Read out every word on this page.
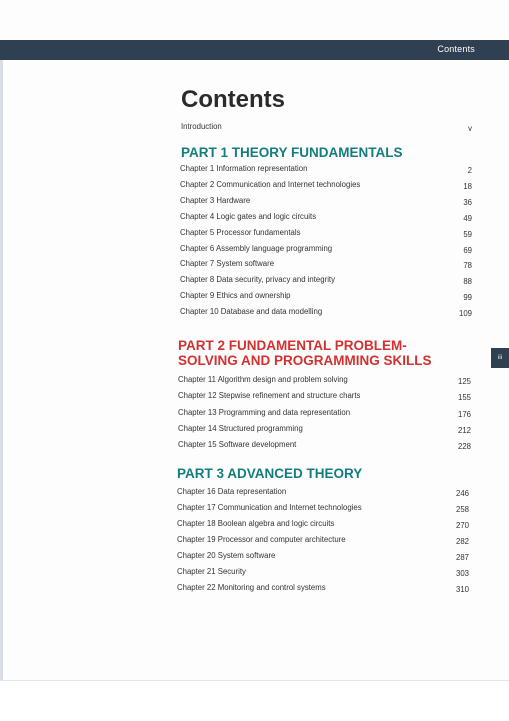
Contents
iii
Contents
Introduction	v
PART 1 THEORY FUNDAMENTALS
Chapter 1 Information representation	2
Chapter 2 Communication and Internet technologies	18
Chapter 3 Hardware	36
Chapter 4 Logic gates and logic circuits	49
Chapter 5 Processor fundamentals	59
Chapter 6 Assembly language programming	69
Chapter 7 System software	78
Chapter 8 Data security, privacy and integrity	88
Chapter 9 Ethics and ownership	99
Chapter 10 Database and data modelling	109
PART 2 FUNDAMENTAL PROBLEM-
SOLVING AND PROGRAMMING SKILLS
Chapter 11 Algorithm design and problem solving	125
Chapter 12 Stepwise refinement and structure charts	155
Chapter 13 Programming and data representation	176
Chapter 14 Structured programming	212
Chapter 15 Software development	228
PART 3 ADVANCED THEORY
Chapter 16 Data representation	246
Chapter 17 Communication and Internet technologies	258
Chapter 18 Boolean algebra and logic circuits	270
Chapter 19 Processor and computer architecture	282
Chapter 20 System software	287
Chapter 21 Security	303
Chapter 22 Monitoring and control systems	310
